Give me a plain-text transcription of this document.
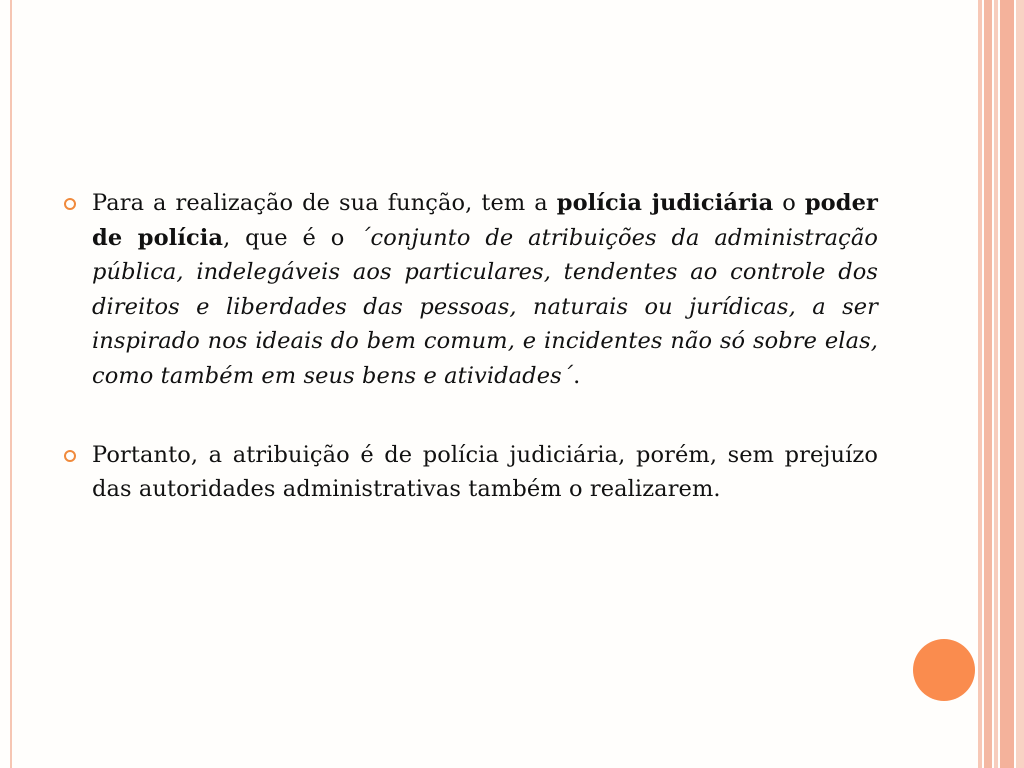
Para a realização de sua função, tem a polícia judiciária o poder de polícia, que é o ´conjunto de atribuições da administração pública, indelegáveis aos particulares, tendentes ao controle dos direitos e liberdades das pessoas, naturais ou jurídicas, a ser inspirado nos ideais do bem comum, e incidentes não só sobre elas, como também em seus bens e atividades´.
Portanto, a atribuição é de polícia judiciária, porém, sem prejuízo das autoridades administrativas também o realizarem.
